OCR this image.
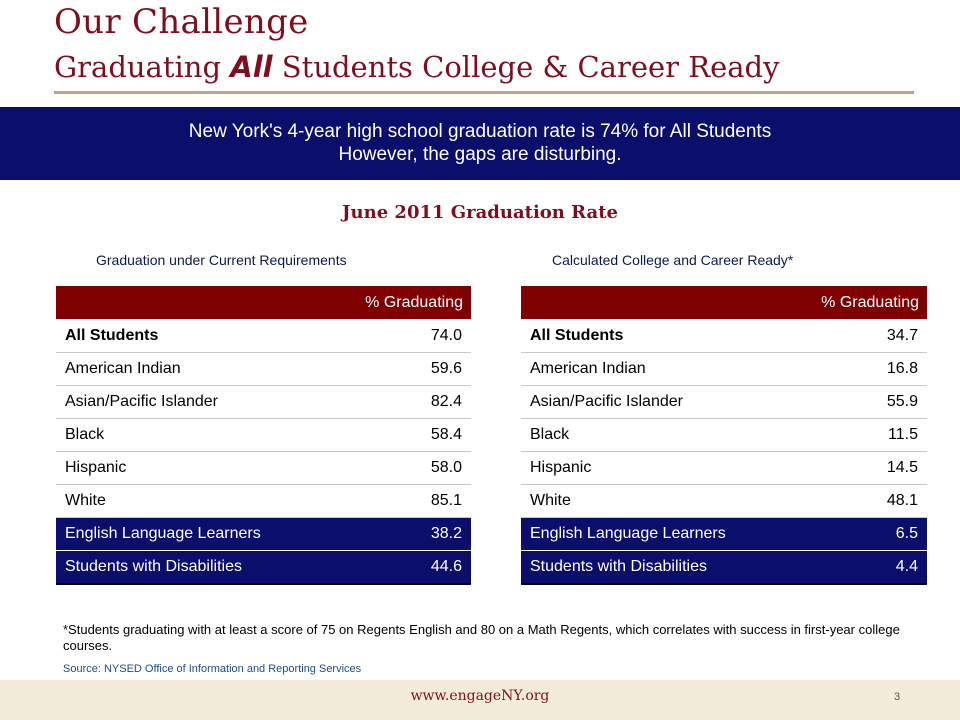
Our Challenge
Graduating All Students College & Career Ready
New York's 4-year high school graduation rate is 74% for All Students
However, the gaps are disturbing.
June 2011 Graduation Rate
Graduation under Current Requirements	Calculated College and Career Ready*
% Graduating	
All Students	74.0
American Indian	59.6
Asian/Pacific Islander	82.4
Black	58.4
Hispanic	58.0
White	85.1
English Language Learners	38.2
Students with Disabilities	44.6
% Graduating	
All Students	34.7
American Indian	16.8
Asian/Pacific Islander	55.9
Black	11.5
Hispanic	14.5
White	48.1
English Language Learners	6.5
Students with Disabilities	4.4
*Students graduating with at least a score of 75 on Regents English and 80 on a Math Regents, which correlates with success in first-year college courses.
Source: NYSED Office of Information and Reporting Services
www.engageNY.org	3
